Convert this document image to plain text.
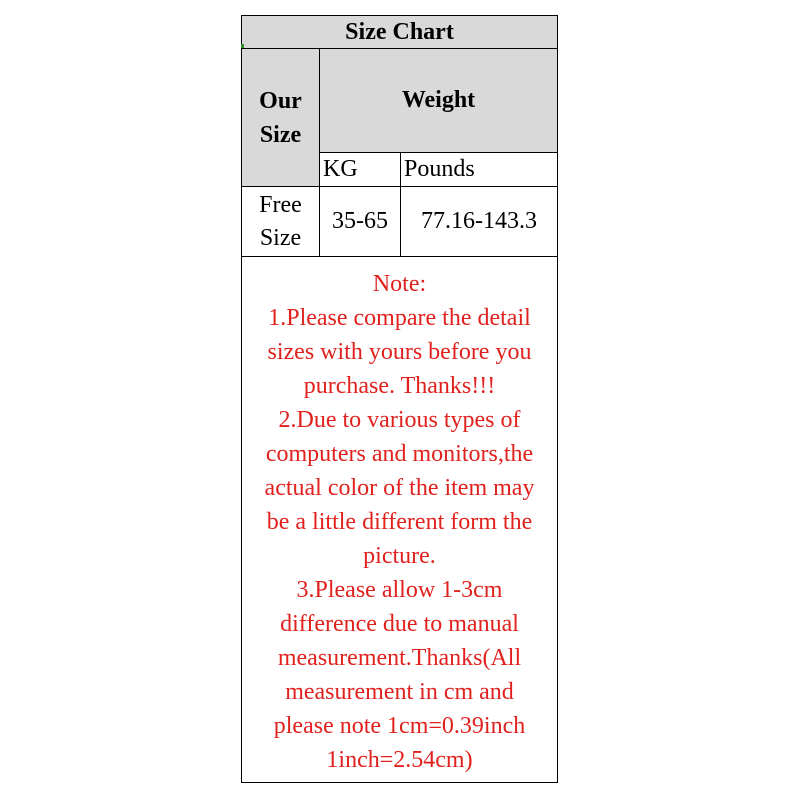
Size Chart
Our
Size
Weight
KG	Pounds
Free
Size
35-65	77.16-143.3
Note:
1.Please compare the detail
sizes with yours before you
purchase. Thanks!!!
2.Due to various types of
computers and monitors,the
actual color of the item may
be a little different form the
picture.
3.Please allow 1-3cm
difference due to manual
measurement.Thanks(All
measurement in cm and
please note 1cm=0.39inch
1inch=2.54cm)
